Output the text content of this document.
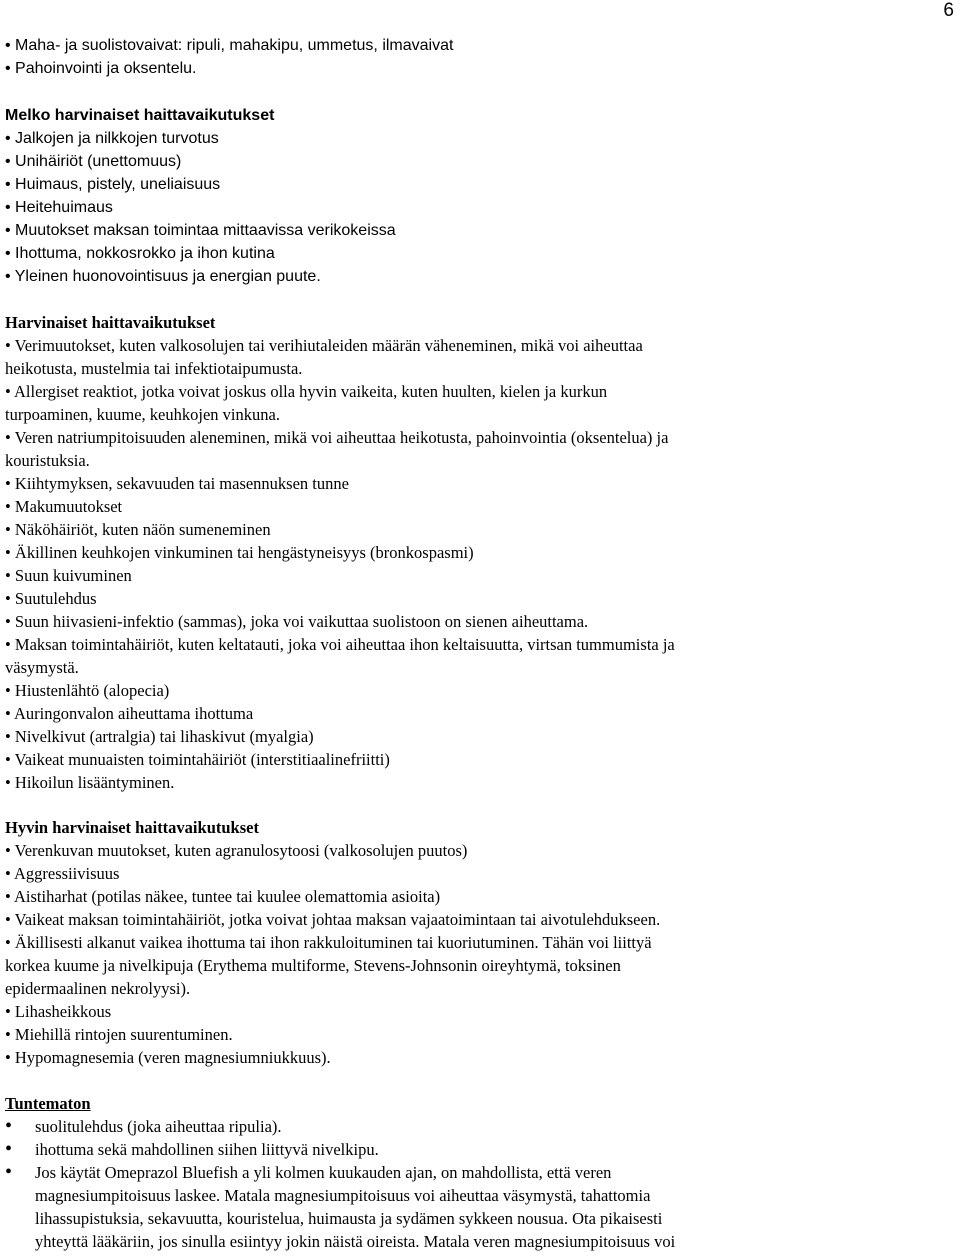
6
• Maha- ja suolistovaivat: ripuli, mahakipu, ummetus, ilmavaivat
• Pahoinvointi ja oksentelu.
Melko harvinaiset haittavaikutukset
• Jalkojen ja nilkkojen turvotus
• Unihäiriöt (unettomuus)
• Huimaus, pistely, uneliaisuus
• Heitehuimaus
• Muutokset maksan toimintaa mittaavissa verikokeissa
• Ihottuma, nokkosrokko ja ihon kutina
• Yleinen huonovointisuus ja energian puute.
Harvinaiset haittavaikutukset
• Verimuutokset, kuten valkosolujen tai verihiutaleiden määrän väheneminen, mikä voi aiheuttaa
heikotusta, mustelmia tai infektiotaipumusta.
• Allergiset reaktiot, jotka voivat joskus olla hyvin vaikeita, kuten huulten, kielen ja kurkun
turpoaminen, kuume, keuhkojen vinkuna.
• Veren natriumpitoisuuden aleneminen, mikä voi aiheuttaa heikotusta, pahoinvointia (oksentelua) ja
kouristuksia.
• Kiihtymyksen, sekavuuden tai masennuksen tunne
• Makumuutokset
• Näköhäiriöt, kuten näön sumeneminen
• Äkillinen keuhkojen vinkuminen tai hengästyneisyys (bronkospasmi)
• Suun kuivuminen
• Suutulehdus
• Suun hiivasieni-infektio (sammas), joka voi vaikuttaa suolistoon on sienen aiheuttama.
• Maksan toimintahäiriöt, kuten keltatauti, joka voi aiheuttaa ihon keltaisuutta, virtsan tummumista ja
väsymystä.
• Hiustenlähtö (alopecia)
• Auringonvalon aiheuttama ihottuma
• Nivelkivut (artralgia) tai lihaskivut (myalgia)
• Vaikeat munuaisten toimintahäiriöt (interstitiaalinefriitti)
• Hikoilun lisääntyminen.
Hyvin harvinaiset haittavaikutukset
• Verenkuvan muutokset, kuten agranulosytoosi (valkosolujen puutos)
• Aggressiivisuus
• Aistiharhat (potilas näkee, tuntee tai kuulee olemattomia asioita)
• Vaikeat maksan toimintahäiriöt, jotka voivat johtaa maksan vajaatoimintaan tai aivotulehdukseen.
• Äkillisesti alkanut vaikea ihottuma tai ihon rakkuloituminen tai kuoriutuminen. Tähän voi liittyä
korkea kuume ja nivelkipuja (Erythema multiforme, Stevens-Johnsonin oireyhtymä, toksinen
epidermaalinen nekrolyysi).
• Lihasheikkous
• Miehillä rintojen suurentuminen.
• Hypomagnesemia (veren magnesiumniukkuus).
Tuntematon
• suolitulehdus (joka aiheuttaa ripulia).
• ihottuma sekä mahdollinen siihen liittyvä nivelkipu.
• Jos käytät Omeprazol Bluefish a yli kolmen kuukauden ajan, on mahdollista, että veren
magnesiumpitoisuus laskee. Matala magnesiumpitoisuus voi aiheuttaa väsymystä, tahattomia
lihassupistuksia, sekavuutta, kouristelua, huimausta ja sydämen sykkeen nousua. Ota pikaisesti
yhteyttä lääkäriin, jos sinulla esiintyy jokin näistä oireista. Matala veren magnesiumpitoisuus voi
